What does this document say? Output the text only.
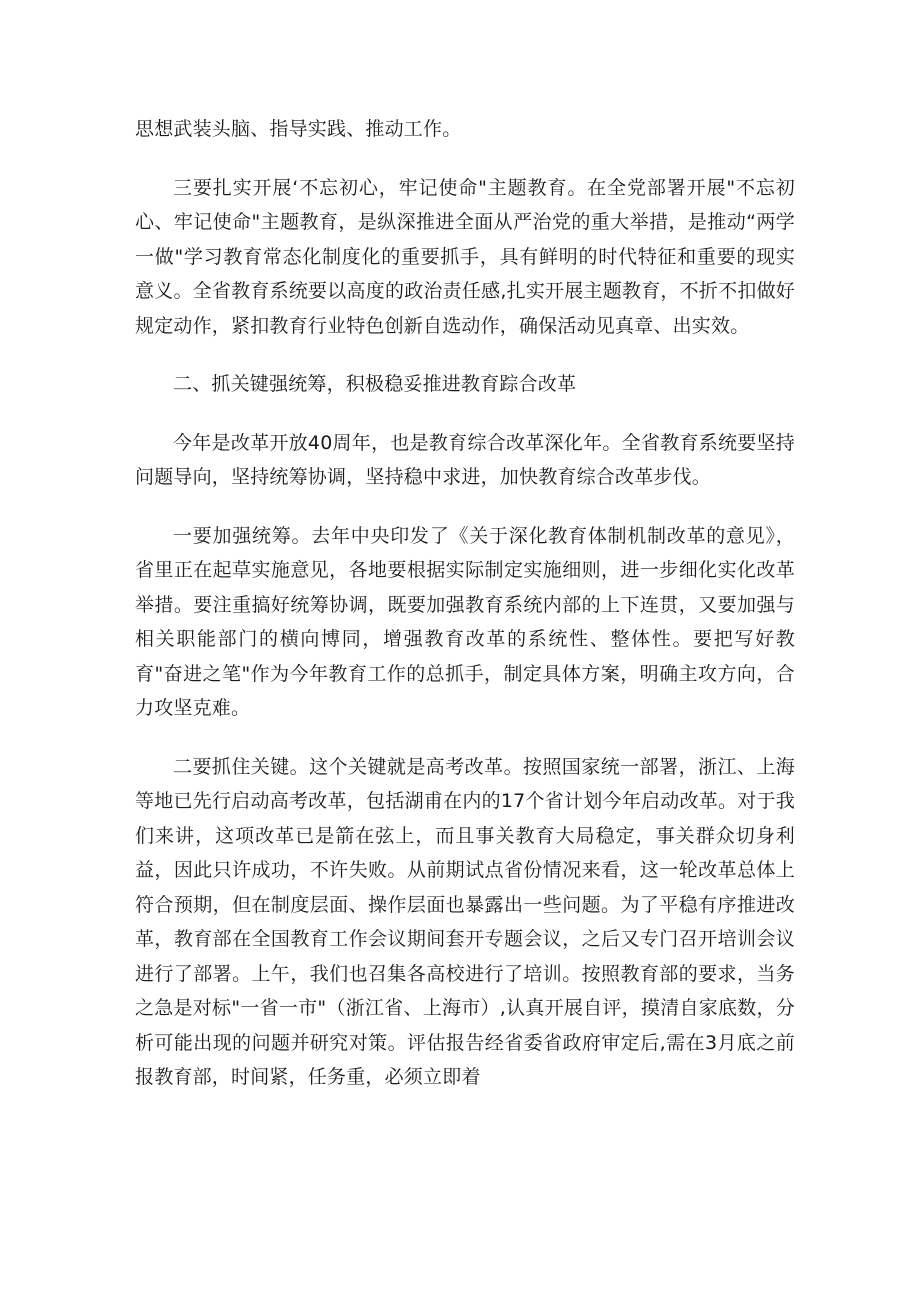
思想武装头脑、指导实践、推动工作。

三要扎实开展‘不忘初心，牢记使命"主题教育。在全党部署开展"不忘初心、牢记使命"主题教育，是纵深推进全面从严治党的重大举措，是推动“两学一做"学习教育常态化制度化的重要抓手，具有鲜明的时代特征和重要的现实意义。全省教育系统要以高度的政治责任感,扎实开展主题教育，不折不扣做好规定动作，紧扣教育行业特色创新自选动作，确保活动见真章、出实效。

二、抓关键强统筹，积极稳妥推进教育踪合改革

今年是改革开放40周年，也是教育综合改革深化年。全省教育系统要坚持问题导向，坚持统筹协调，坚持稳中求进，加快教育综合改革步伐。

一要加强统筹。去年中央印发了《关于深化教育体制机制改革的意见》，省里正在起草实施意见，各地要根据实际制定实施细则，进一步细化实化改革举措。要注重搞好统筹协调，既要加强教育系统内部的上下连贯，又要加强与相关职能部门的横向博同，增强教育改革的系统性、整体性。要把写好教育"奋进之笔"作为今年教育工作的总抓手，制定具体方案，明确主攻方向，合力攻坚克难。

二要抓住关键。这个关键就是高考改革。按照国家统一部署，浙江、上海等地已先行启动高考改革，包括湖甫在内的17个省计划今年启动改革。对于我们来讲，这项改革已是箭在弦上，而且事关教育大局稳定，事关群众切身利益，因此只许成功，不许失败。从前期试点省份情况来看，这一轮改革总体上符合预期，但在制度层面、操作层面也暴露出一些问题。为了平稳有序推进改革，教育部在全国教育工作会议期间套开专题会议，之后又专门召开培训会议进行了部署。上午，我们也召集各高校进行了培训。按照教育部的要求，当务之急是对标"一省一市"（浙江省、上海市）,认真开展自评，摸清自家底数，分析可能出现的问题并研究对策。评估报告经省委省政府审定后,需在3月底之前报教育部，时间紧，任务重，必须立即着
